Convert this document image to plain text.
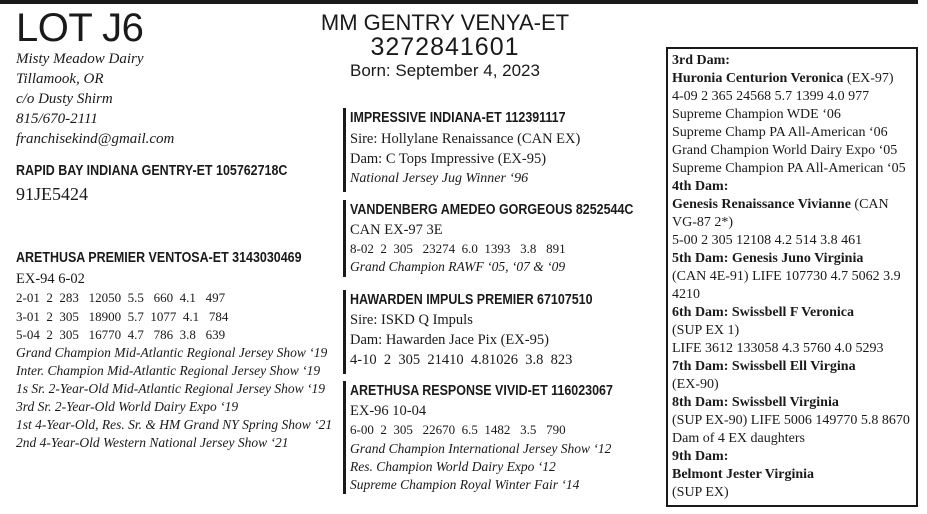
LOT J6	MM GENTRY VENYA-ET
3272841601
Born: September 4, 2023
Misty Meadow Dairy
Tillamook, OR
c/o Dusty Shirm
815/670-2111
franchisekind@gmail.com
RAPID BAY INDIANA GENTRY-ET 105762718C
91JE5424
ARETHUSA PREMIER VENTOSA-ET 3143030469
EX-94 6-02
2-01  2  283   12050  5.5   660  4.1   497
3-01  2  305   18900  5.7  1077  4.1   784
5-04  2  305   16770  4.7   786  3.8   639
Grand Champion Mid-Atlantic Regional Jersey Show ‘19
Inter. Champion Mid-Atlantic Regional Jersey Show ‘19
1s Sr. 2-Year-Old Mid-Atlantic Regional Jersey Show ‘19
3rd Sr. 2-Year-Old World Dairy Expo ‘19
1st 4-Year-Old, Res. Sr. & HM Grand NY Spring Show ‘21
2nd 4-Year-Old Western National Jersey Show ‘21
IMPRESSIVE INDIANA-ET 112391117
Sire: Hollylane Renaissance (CAN EX)
Dam: C Tops Impressive (EX-95)
National Jersey Jug Winner ‘96
VANDENBERG AMEDEO GORGEOUS 8252544C
CAN EX-97 3E
8-02  2  305   23274  6.0  1393   3.8   891
Grand Champion RAWF ‘05, ‘07 & ‘09
HAWARDEN IMPULS PREMIER 67107510
Sire: ISKD Q Impuls
Dam: Hawarden Jace Pix (EX-95)
4-10  2  305  21410  4.81026  3.8  823
ARETHUSA RESPONSE VIVID-ET 116023067
EX-96 10-04
6-00  2  305   22670  6.5  1482   3.5   790
Grand Champion International Jersey Show ‘12
Res. Champion World Dairy Expo ‘12
Supreme Champion Royal Winter Fair ‘14
3rd Dam:
Huronia Centurion Veronica (EX-97)
4-09 2 365 24568 5.7 1399 4.0 977
Supreme Champion WDE ‘06
Supreme Champ PA All-American ‘06
Grand Champion World Dairy Expo ‘05
Supreme Champion PA All-American ‘05
4th Dam:
Genesis Renaissance Vivianne (CAN
VG-87 2*)
5-00 2 305 12108 4.2 514 3.8 461
5th Dam: Genesis Juno Virginia
(CAN 4E-91) LIFE 107730 4.7 5062 3.9
4210
6th Dam: Swissbell F Veronica
(SUP EX 1)
LIFE 3612 133058 4.3 5760 4.0 5293
7th Dam: Swissbell Ell Virgina
(EX-90)
8th Dam: Swissbell Virginia
(SUP EX-90) LIFE 5006 149770 5.8 8670
Dam of 4 EX daughters
9th Dam:
Belmont Jester Virginia
(SUP EX)
